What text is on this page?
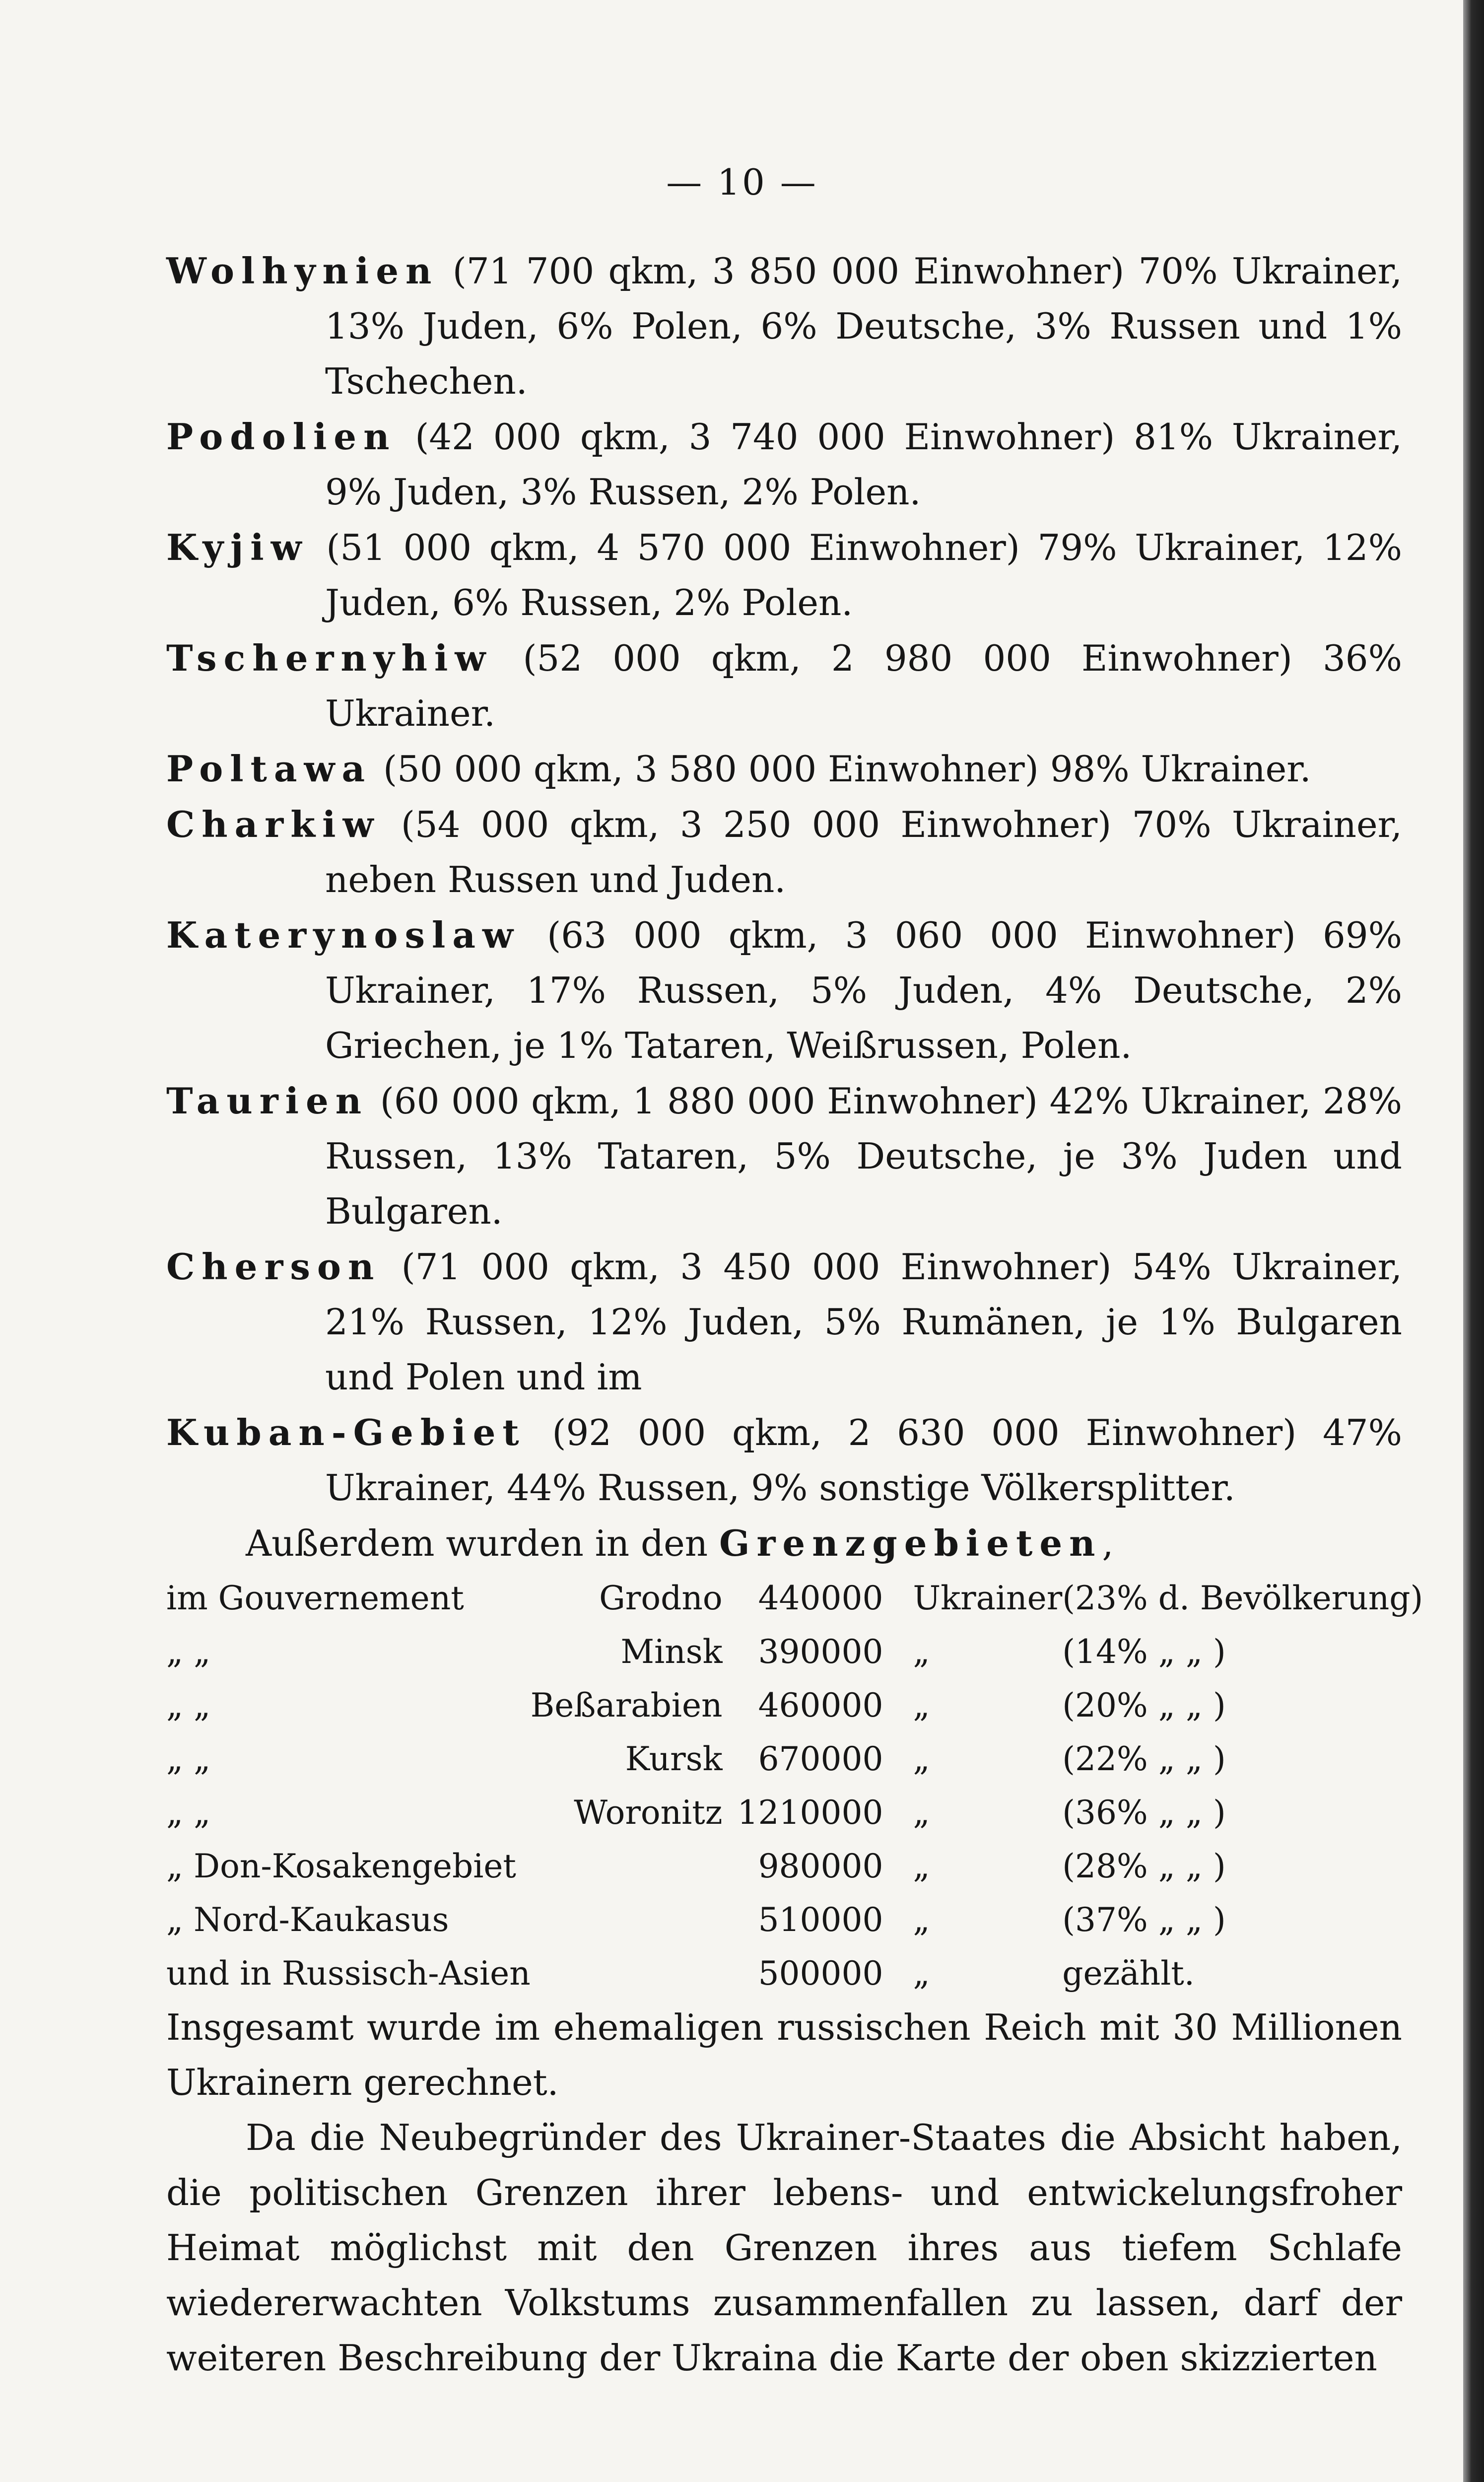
— 10 —

Wolhynien (71 700 qkm, 3 850 000 Einwohner) 70% Ukrainer, 13% Juden, 6% Polen, 6% Deutsche, 3% Russen und 1% Tschechen.

Podolien (42 000 qkm, 3 740 000 Einwohner) 81% Ukrainer, 9% Juden, 3% Russen, 2% Polen.

Kyjiw (51 000 qkm, 4 570 000 Einwohner) 79% Ukrainer, 12% Juden, 6% Russen, 2% Polen.

Tschernyhiw (52 000 qkm, 2 980 000 Einwohner) 36% Ukrainer.

Poltawa (50 000 qkm, 3 580 000 Einwohner) 98% Ukrainer.

Charkiw (54 000 qkm, 3 250 000 Einwohner) 70% Ukrainer, neben Russen und Juden.

Katerynoslaw (63 000 qkm, 3 060 000 Einwohner) 69% Ukrainer, 17% Russen, 5% Juden, 4% Deutsche, 2% Griechen, je 1% Tataren, Weißrussen, Polen.

Taurien (60 000 qkm, 1 880 000 Einwohner) 42% Ukrainer, 28% Russen, 13% Tataren, 5% Deutsche, je 3% Juden und Bulgaren.

Cherson (71 000 qkm, 3 450 000 Einwohner) 54% Ukrainer, 21% Russen, 12% Juden, 5% Rumänen, je 1% Bulgaren und Polen und im

Kuban-Gebiet (92 000 qkm, 2 630 000 Einwohner) 47% Ukrainer, 44% Russen, 9% sonstige Völkersplitter.

Außerdem wurden in den Grenzgebieten,
im Gouvernement	Grodno	440000	Ukrainer	(23% d. Bevölkerung)
„ „	Minsk	390000	„	(14% „ „ )
„ „	Beßarabien	460000	„	(20% „ „ )
„ „	Kursk	670000	„	(22% „ „ )
„ „	Woronitz	1210000	„	(36% „ „ )
„ Don-Kosakengebiet		980000	„	(28% „ „ )
„ Nord-Kaukasus		510000	„	(37% „ „ )
und in Russisch-Asien		500000	„	gezählt.

Insgesamt wurde im ehemaligen russischen Reich mit 30 Millionen Ukrainern gerechnet.

Da die Neubegründer des Ukrainer-Staates die Absicht haben, die politischen Grenzen ihrer lebens- und entwickelungsfroher Heimat möglichst mit den Grenzen ihres aus tiefem Schlafe wiedererwachten Volkstums zusammenfallen zu lassen, darf der weiteren Beschreibung der Ukraina die Karte der oben skizzierten
